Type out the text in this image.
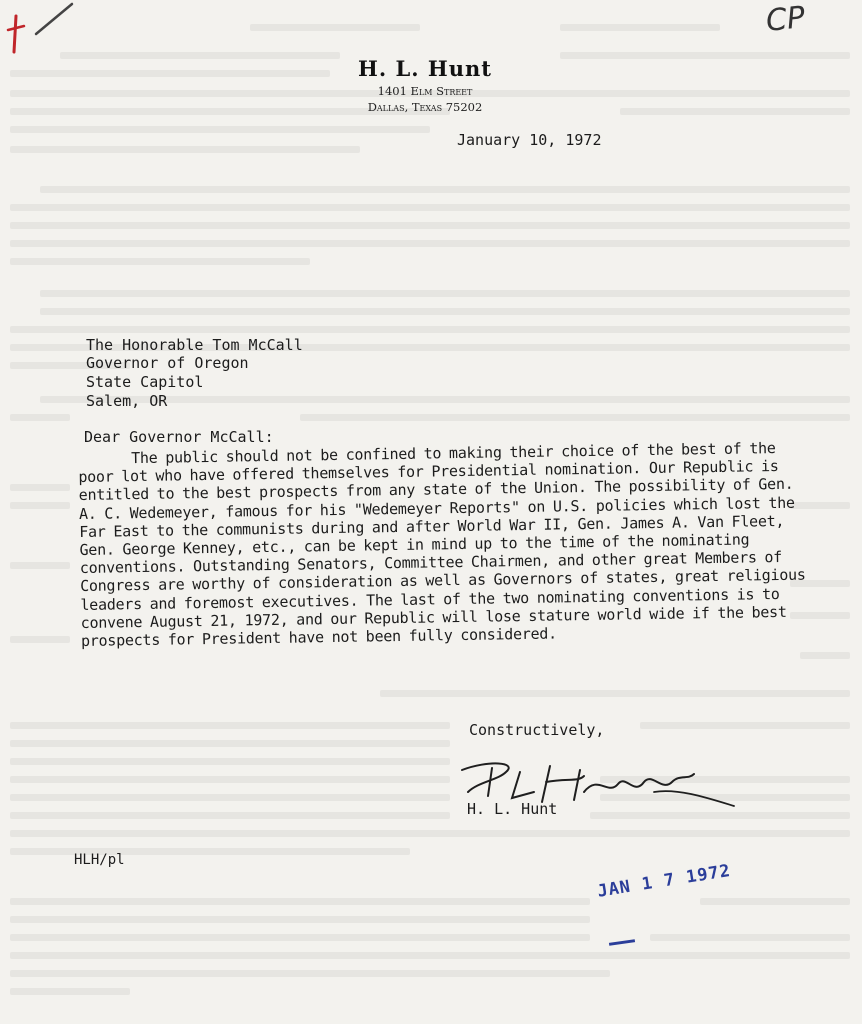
CP
H. L. Hunt
1401 Elm Street
Dallas, Texas 75202
January 10, 1972
The Honorable Tom McCall
Governor of Oregon
State Capitol
Salem, OR
Dear Governor McCall:

The public should not be confined to making their choice of the best of the poor lot who have offered themselves for Presidential nomination. Our Republic is entitled to the best prospects from any state of the Union. The possibility of Gen. A. C. Wedemeyer, famous for his "Wedemeyer Reports" on U.S. policies which lost the Far East to the communists during and after World War II, Gen. James A. Van Fleet, Gen. George Kenney, etc., can be kept in mind up to the time of the nominating conventions. Outstanding Senators, Committee Chairmen, and other great Members of Congress are worthy of consideration as well as Governors of states, great religious leaders and foremost executives. The last of the two nominating conventions is to convene August 21, 1972, and our Republic will lose stature world wide if the best prospects for President have not been fully considered.

Constructively,
H. L. Hunt
HLH/pl
JAN 1 7 1972
